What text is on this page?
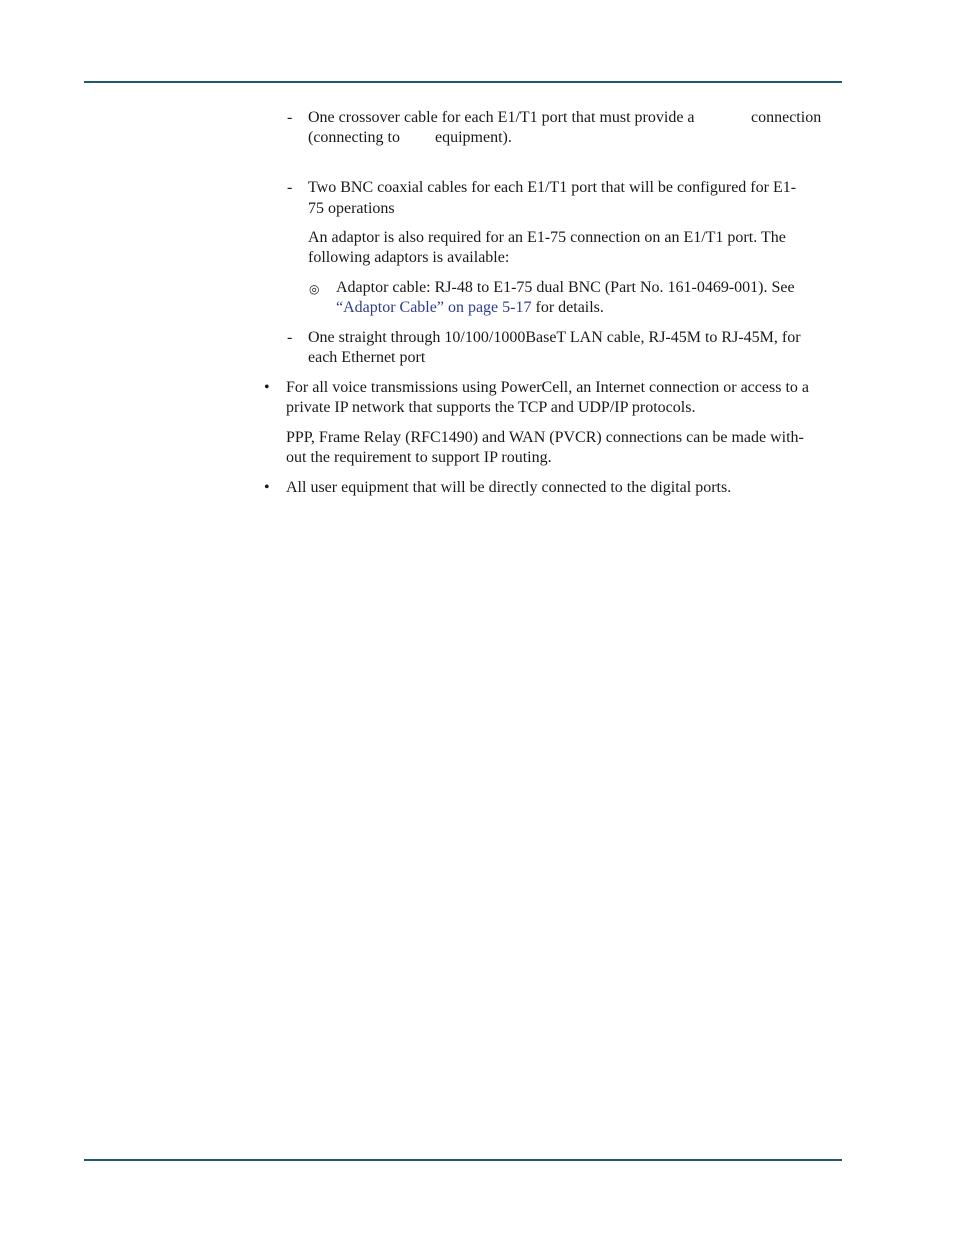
- One crossover cable for each E1/T1 port that must provide a	connection
(connecting to equipment).
- Two BNC coaxial cables for each E1/T1 port that will be configured for E1-
75 operations
An adaptor is also required for an E1-75 connection on an E1/T1 port. The
following adaptors is available:
◎ Adaptor cable: RJ-48 to E1-75 dual BNC (Part No. 161-0469-001). See
“Adaptor Cable” on page 5-17 for details.
- One straight through 10/100/1000BaseT LAN cable, RJ-45M to RJ-45M, for
each Ethernet port
• For all voice transmissions using PowerCell, an Internet connection or access to a
private IP network that supports the TCP and UDP/IP protocols.
PPP, Frame Relay (RFC1490) and WAN (PVCR) connections can be made with-
out the requirement to support IP routing.
• All user equipment that will be directly connected to the digital ports.
